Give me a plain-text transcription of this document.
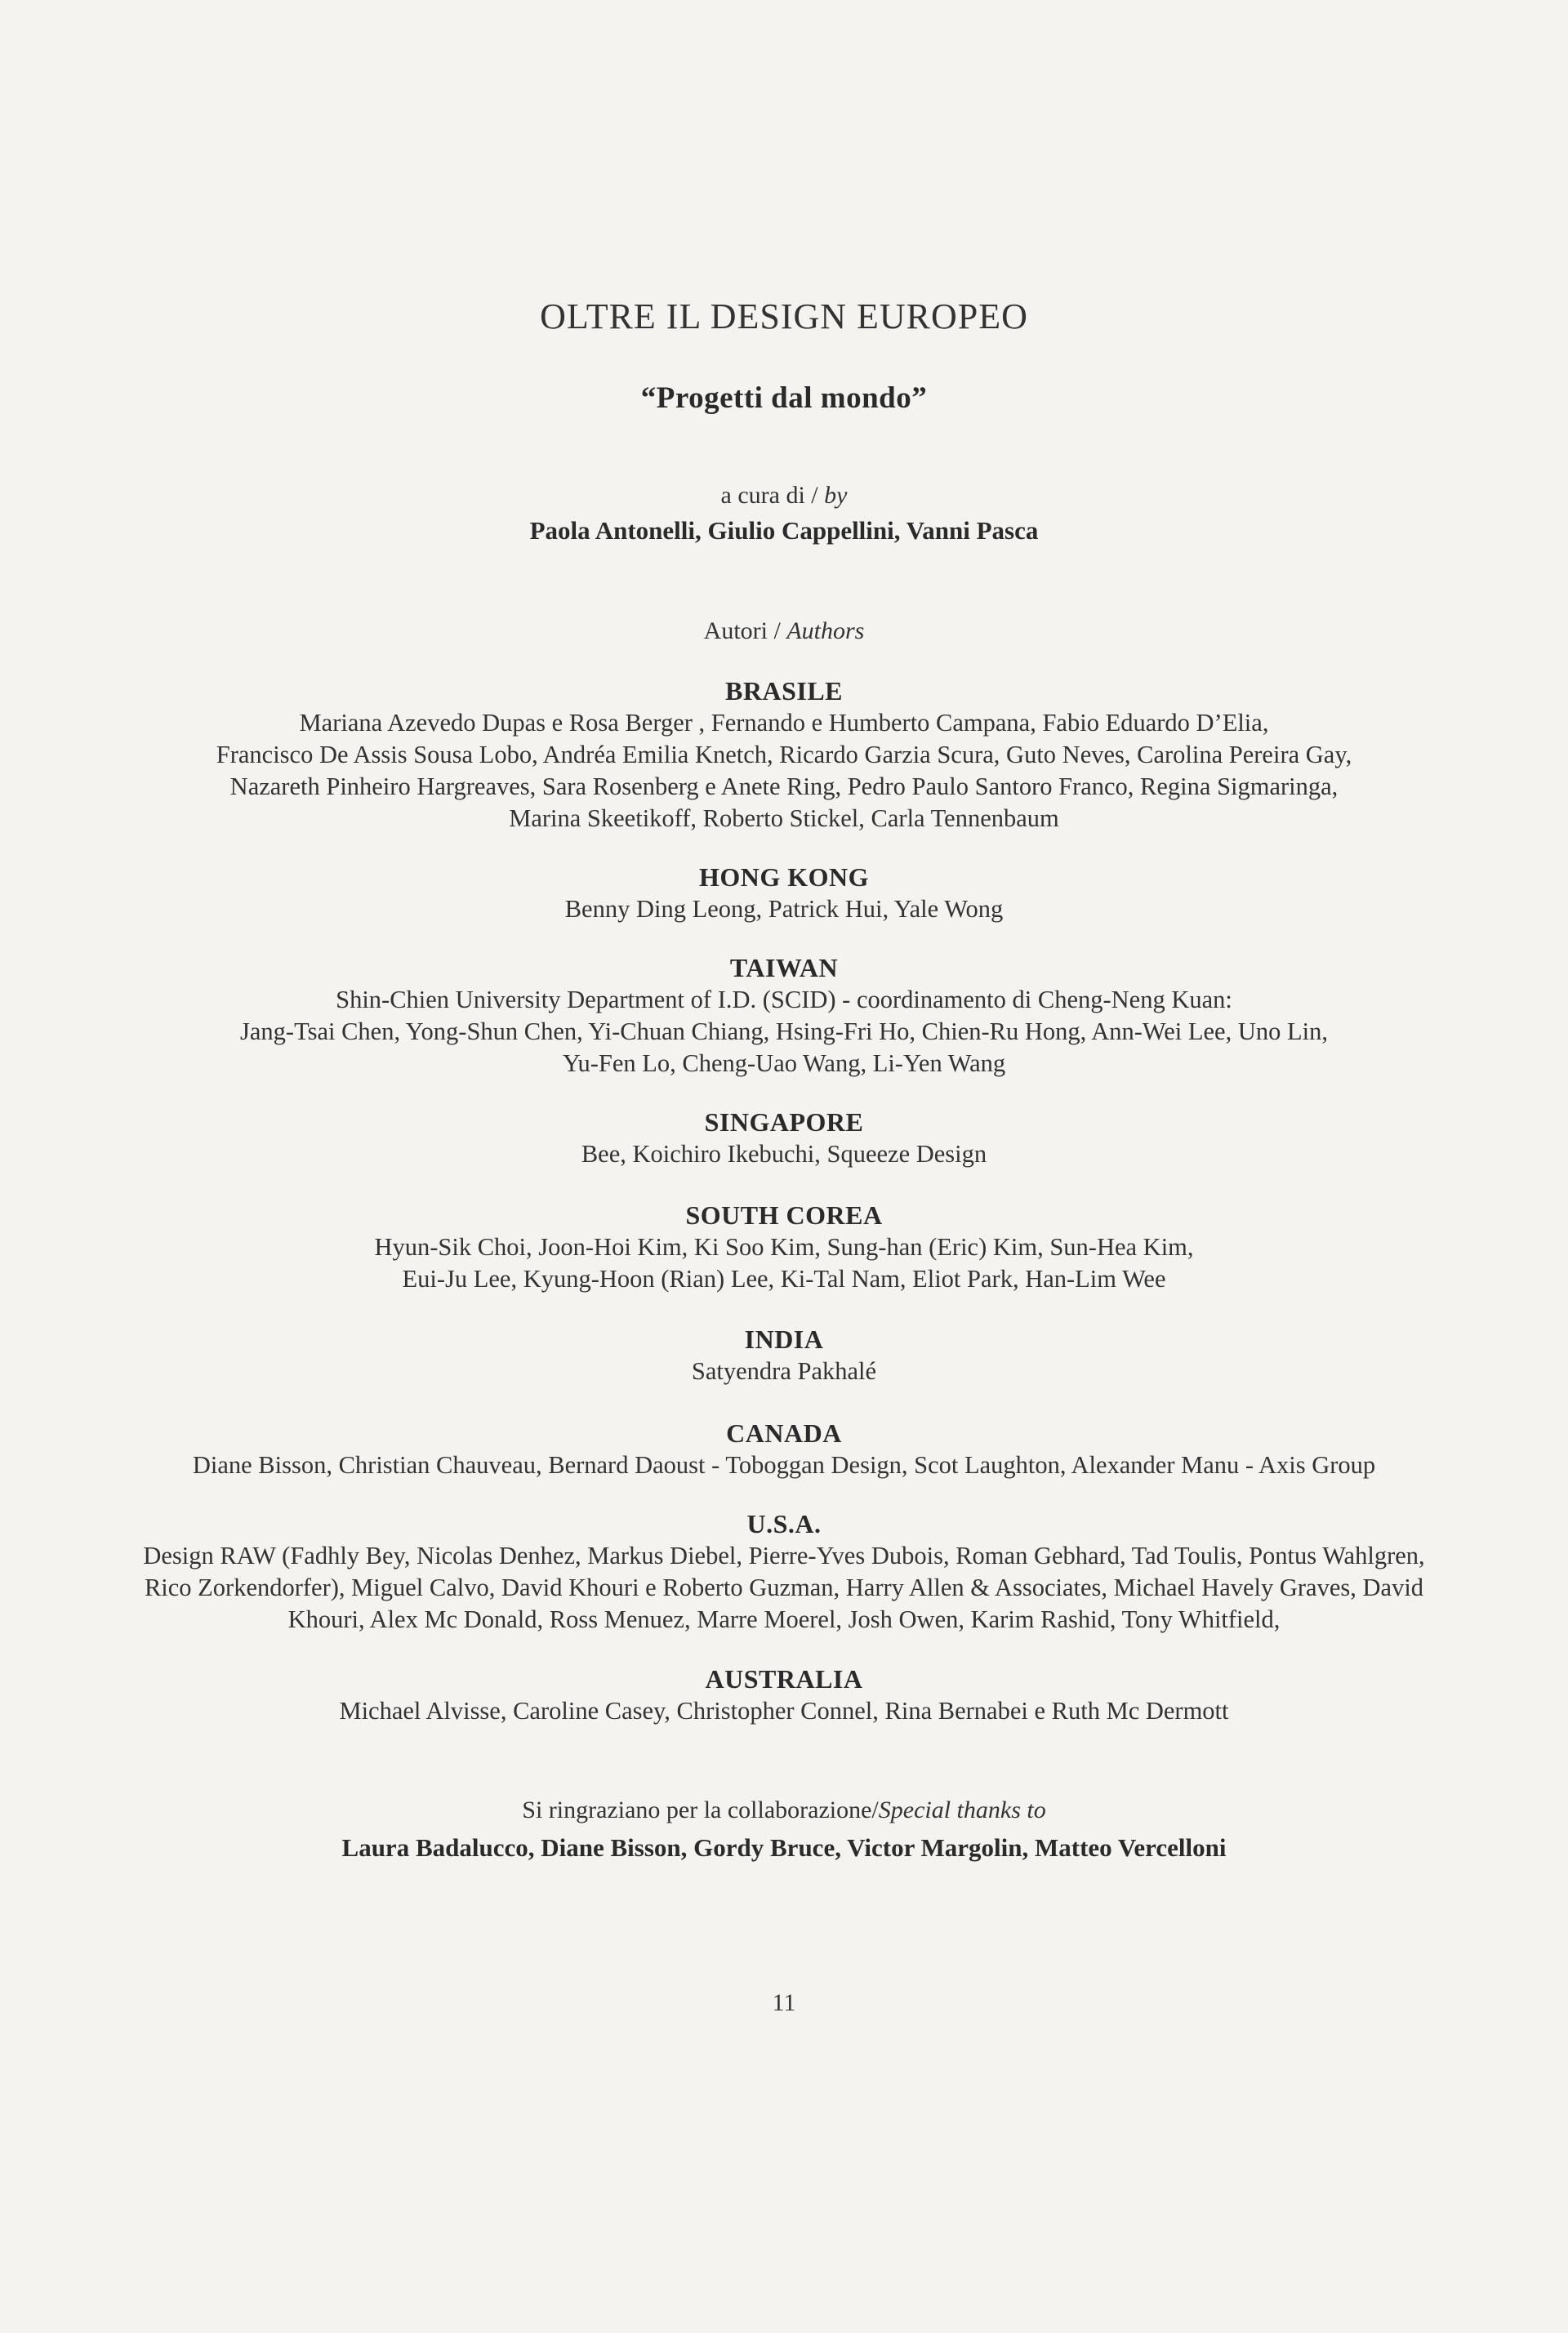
OLTRE IL DESIGN EUROPEO
“Progetti dal mondo”
a cura di / by
Paola Antonelli, Giulio Cappellini, Vanni Pasca
Autori / Authors
BRASILE
Mariana Azevedo Dupas e Rosa Berger , Fernando e Humberto Campana, Fabio Eduardo D’Elia,
Francisco De Assis Sousa Lobo, Andréa Emilia Knetch, Ricardo Garzia Scura, Guto Neves, Carolina Pereira Gay,
Nazareth Pinheiro Hargreaves, Sara Rosenberg e Anete Ring, Pedro Paulo Santoro Franco, Regina Sigmaringa,
Marina Skeetikoff, Roberto Stickel, Carla Tennenbaum
HONG KONG
Benny Ding Leong, Patrick Hui, Yale Wong
TAIWAN
Shin-Chien University Department of I.D. (SCID) - coordinamento di Cheng-Neng Kuan:
Jang-Tsai Chen, Yong-Shun Chen, Yi-Chuan Chiang, Hsing-Fri Ho, Chien-Ru Hong, Ann-Wei Lee, Uno Lin,
Yu-Fen Lo, Cheng-Uao Wang, Li-Yen Wang
SINGAPORE
Bee, Koichiro Ikebuchi, Squeeze Design
SOUTH COREA
Hyun-Sik Choi, Joon-Hoi Kim, Ki Soo Kim, Sung-han (Eric) Kim, Sun-Hea Kim,
Eui-Ju Lee, Kyung-Hoon (Rian) Lee, Ki-Tal Nam, Eliot Park, Han-Lim Wee
INDIA
Satyendra Pakhalé
CANADA
Diane Bisson, Christian Chauveau, Bernard Daoust - Toboggan Design, Scot Laughton, Alexander Manu - Axis Group
U.S.A.
Design RAW (Fadhly Bey, Nicolas Denhez, Markus Diebel, Pierre-Yves Dubois, Roman Gebhard, Tad Toulis, Pontus Wahlgren,
Rico Zorkendorfer), Miguel Calvo, David Khouri e Roberto Guzman, Harry Allen & Associates, Michael Havely Graves, David
Khouri, Alex Mc Donald, Ross Menuez, Marre Moerel, Josh Owen, Karim Rashid, Tony Whitfield,
AUSTRALIA
Michael Alvisse, Caroline Casey, Christopher Connel, Rina Bernabei e Ruth Mc Dermott
Si ringraziano per la collaborazione/Special thanks to
Laura Badalucco, Diane Bisson, Gordy Bruce, Victor Margolin, Matteo Vercelloni
11
